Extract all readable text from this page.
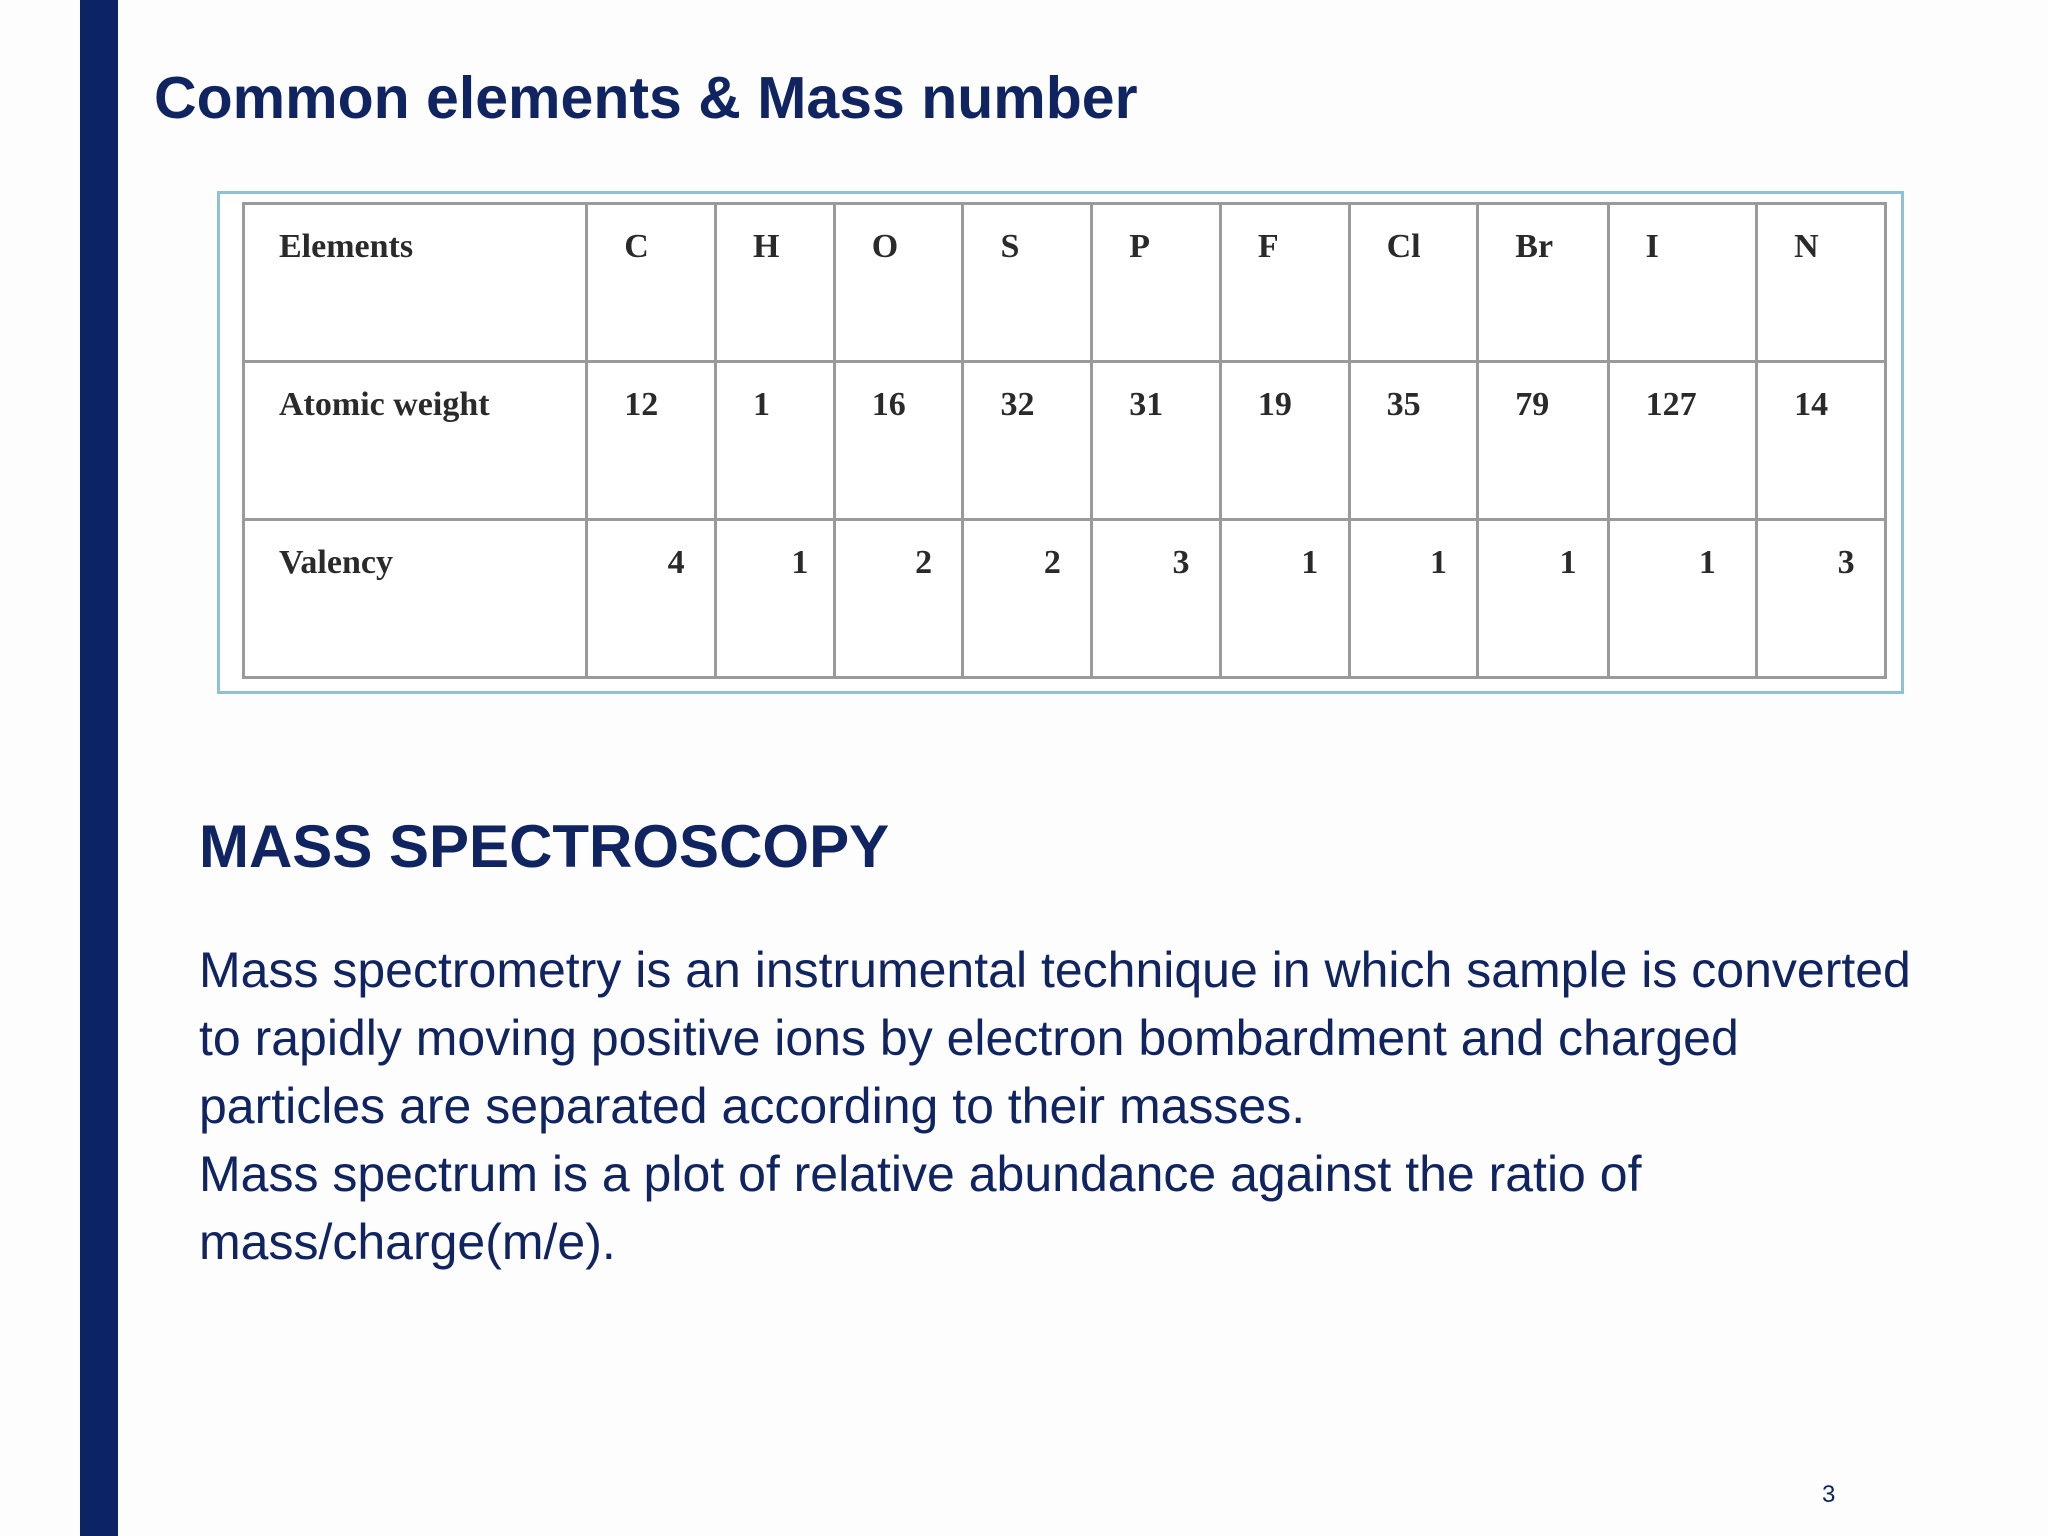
Common elements & Mass number
Elements	C	H	O	S	P	F	Cl	Br	I	N
Atomic weight	12	1	16	32	31	19	35	79	127	14
Valency	4	1	2	2	3	1	1	1	1	3
MASS SPECTROSCOPY

Mass spectrometry is an instrumental technique in which sample is converted to rapidly moving positive ions by electron bombardment and charged particles are separated according to their masses.

Mass spectrum is a plot of relative abundance against the ratio of mass/charge(m/e).

3
